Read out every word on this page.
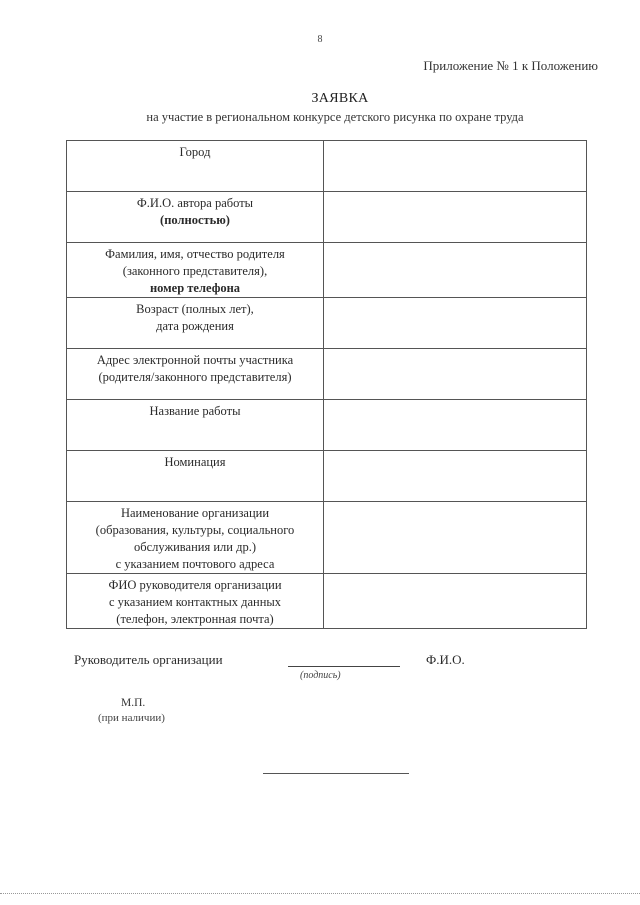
8
Приложение № 1 к Положению
ЗАЯВКА
на участие в региональном конкурсе детского рисунка по охране труда
Город	

Ф.И.О. автора работы
(полностью)	

Фамилия, имя, отчество родителя
(законного представителя),
номер телефона	

Возраст (полных лет),
дата рождения	

Адрес электронной почты участника
(родителя/законного представителя)	

Название работы	

Номинация	

Наименование организации
(образования, культуры, социального
обслуживания или др.)
с указанием почтового адреса	

ФИО руководителя организации
с указанием контактных данных
(телефон, электронная почта)	

Руководитель организации
(подпись)
Ф.И.О.
М.П.
(при наличии)
